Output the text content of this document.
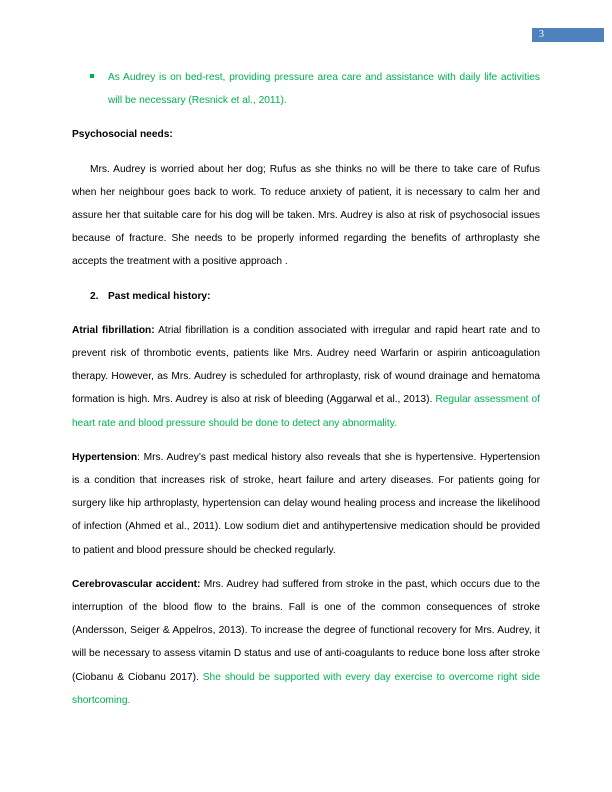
3

As Audrey is on bed-rest, providing pressure area care and assistance with daily life activities will be necessary (Resnick et al., 2011).

Psychosocial needs:

Mrs. Audrey is worried about her dog; Rufus as she thinks no will be there to take care of Rufus when her neighbour goes back to work. To reduce anxiety of patient, it is necessary to calm her and assure her that suitable care for his dog will be taken. Mrs. Audrey is also at risk of psychosocial issues because of fracture. She needs to be properly informed regarding the benefits of arthroplasty she accepts the treatment with a positive approach .

2. Past medical history:

Atrial fibrillation: Atrial fibrillation is a condition associated with irregular and rapid heart rate and to prevent risk of thrombotic events, patients like Mrs. Audrey need Warfarin or aspirin anticoagulation therapy. However, as Mrs. Audrey is scheduled for arthroplasty, risk of wound drainage and hematoma formation is high. Mrs. Audrey is also at risk of bleeding (Aggarwal et al., 2013). Regular assessment of heart rate and blood pressure should be done to detect any abnormality.

Hypertension: Mrs. Audrey’s past medical history also reveals that she is hypertensive. Hypertension is a condition that increases risk of stroke, heart failure and artery diseases. For patients going for surgery like hip arthroplasty, hypertension can delay wound healing process and increase the likelihood of infection (Ahmed et al., 2011). Low sodium diet and antihypertensive medication should be provided to patient and blood pressure should be checked regularly.

Cerebrovascular accident: Mrs. Audrey had suffered from stroke in the past, which occurs due to the interruption of the blood flow to the brains. Fall is one of the common consequences of stroke (Andersson, Seiger & Appelros, 2013). To increase the degree of functional recovery for Mrs. Audrey, it will be necessary to assess vitamin D status and use of anti-coagulants to reduce bone loss after stroke (Ciobanu & Ciobanu 2017). She should be supported with every day exercise to overcome right side shortcoming.
